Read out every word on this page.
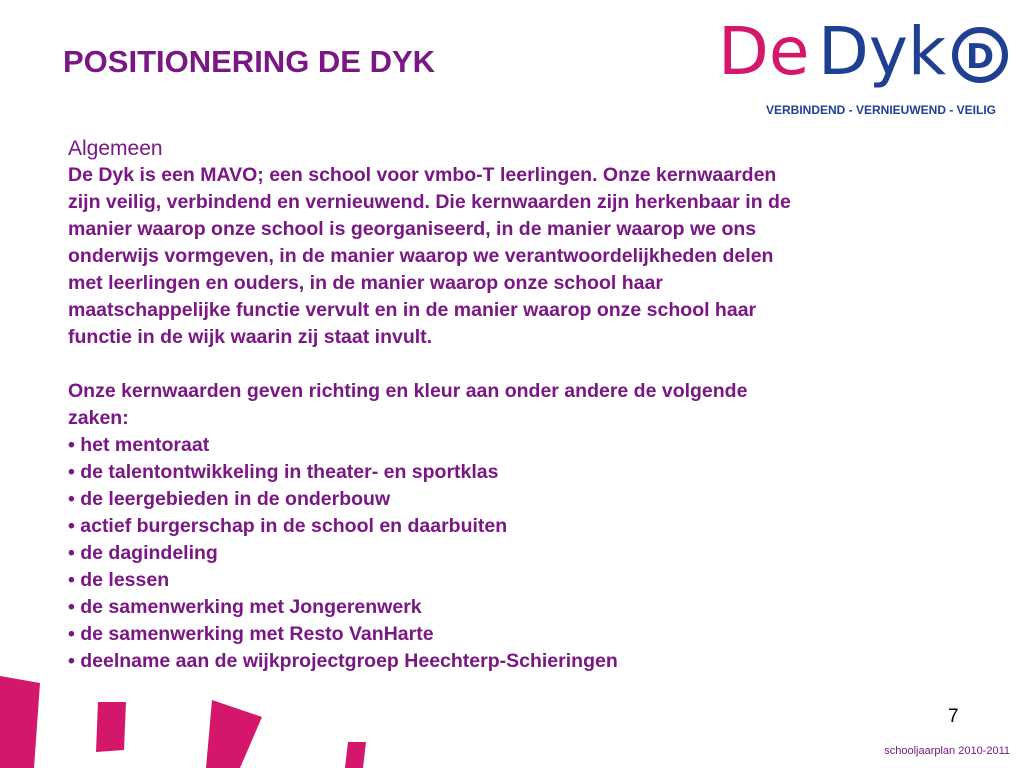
POSITIONERING DE DYK	De Dyk D
VERBINDEND - VERNIEUWEND - VEILIG
Algemeen

De Dyk is een MAVO; een school voor vmbo-T leerlingen. Onze kernwaarden
zijn veilig, verbindend en vernieuwend. Die kernwaarden zijn herkenbaar in de
manier waarop onze school is georganiseerd, in de manier waarop we ons
onderwijs vormgeven, in de manier waarop we verantwoordelijkheden delen
met leerlingen en ouders, in de manier waarop onze school haar
maatschappelijke functie vervult en in de manier waarop onze school haar
functie in de wijk waarin zij staat invult.

Onze kernwaarden geven richting en kleur aan onder andere de volgende
zaken:

• het mentoraat
• de talentontwikkeling in theater- en sportklas
• de leergebieden in de onderbouw
• actief burgerschap in de school en daarbuiten
• de dagindeling
• de lessen
• de samenwerking met Jongerenwerk
• de samenwerking met Resto VanHarte
• deelname aan de wijkprojectgroep Heechterp-Schieringen
7
schooljaarplan 2010-2011
